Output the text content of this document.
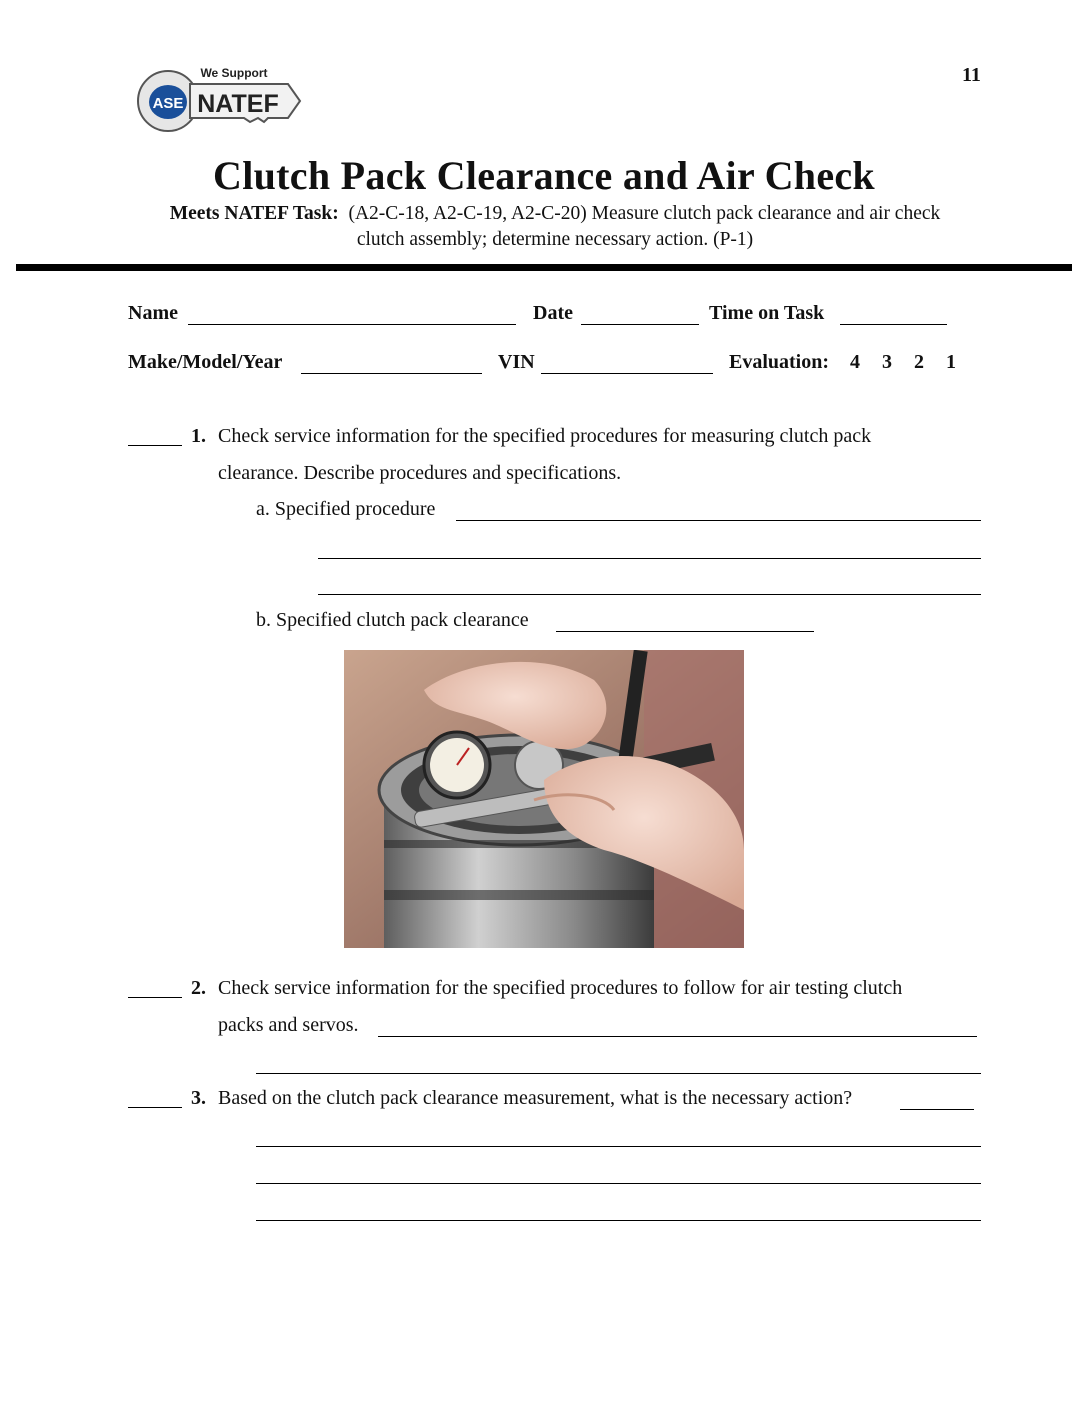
11
ASE
We Support
NATEF
Clutch Pack Clearance and Air Check
Meets NATEF Task: (A2-C-18, A2-C-19, A2-C-20) Measure clutch pack clearance and air check
clutch assembly; determine necessary action. (P-1)
Name	Date	Time on Task
Make/Model/Year	VIN	Evaluation: 4 3 2 1
1. Check service information for the specified procedures for measuring clutch pack
clearance. Describe procedures and specifications.
a. Specified procedure
b. Specified clutch pack clearance
2. Check service information for the specified procedures to follow for air testing clutch
packs and servos.
3. Based on the clutch pack clearance measurement, what is the necessary action?
